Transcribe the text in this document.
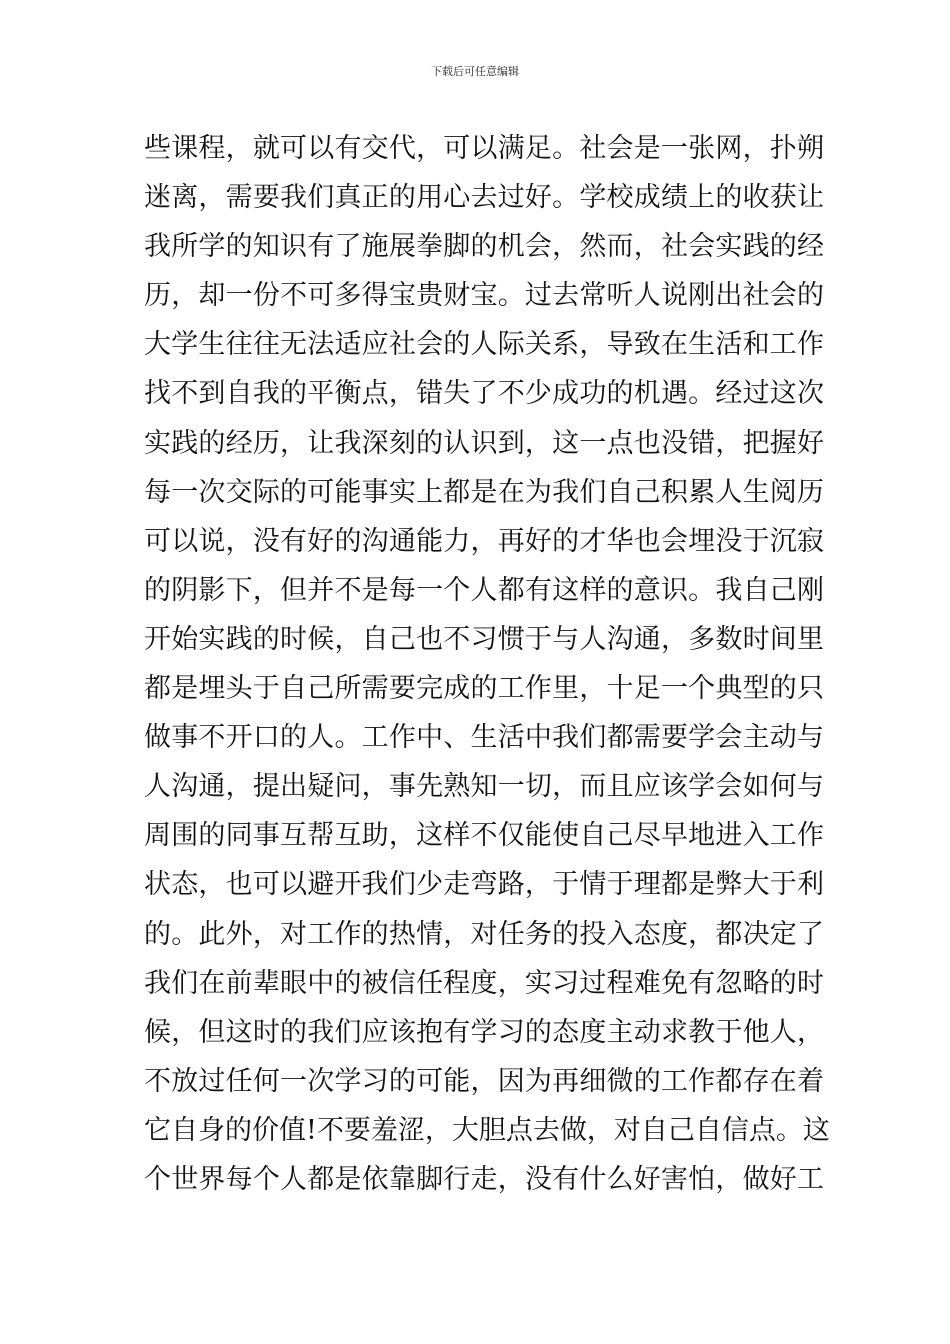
下载后可任意编辑
些课程，就可以有交代，可以满足。社会是一张网，扑朔
迷离，需要我们真正的用心去过好。学校成绩上的收获让
我所学的知识有了施展拳脚的机会，然而，社会实践的经
历，却一份不可多得宝贵财宝。过去常听人说刚出社会的
大学生往往无法适应社会的人际关系，导致在生活和工作
找不到自我的平衡点，错失了不少成功的机遇。经过这次
实践的经历，让我深刻的认识到，这一点也没错，把握好
每一次交际的可能事实上都是在为我们自己积累人生阅历
可以说，没有好的沟通能力，再好的才华也会埋没于沉寂
的阴影下，但并不是每一个人都有这样的意识。我自己刚
开始实践的时候，自己也不习惯于与人沟通，多数时间里
都是埋头于自己所需要完成的工作里，十足一个典型的只
做事不开口的人。工作中、生活中我们都需要学会主动与
人沟通，提出疑问，事先熟知一切，而且应该学会如何与
周围的同事互帮互助，这样不仅能使自己尽早地进入工作
状态，也可以避开我们少走弯路，于情于理都是弊大于利
的。此外，对工作的热情，对任务的投入态度，都决定了
我们在前辈眼中的被信任程度，实习过程难免有忽略的时
候，但这时的我们应该抱有学习的态度主动求教于他人，
不放过任何一次学习的可能，因为再细微的工作都存在着
它自身的价值!不要羞涩，大胆点去做，对自己自信点。这
个世界每个人都是依靠脚行走，没有什么好害怕，做好工
